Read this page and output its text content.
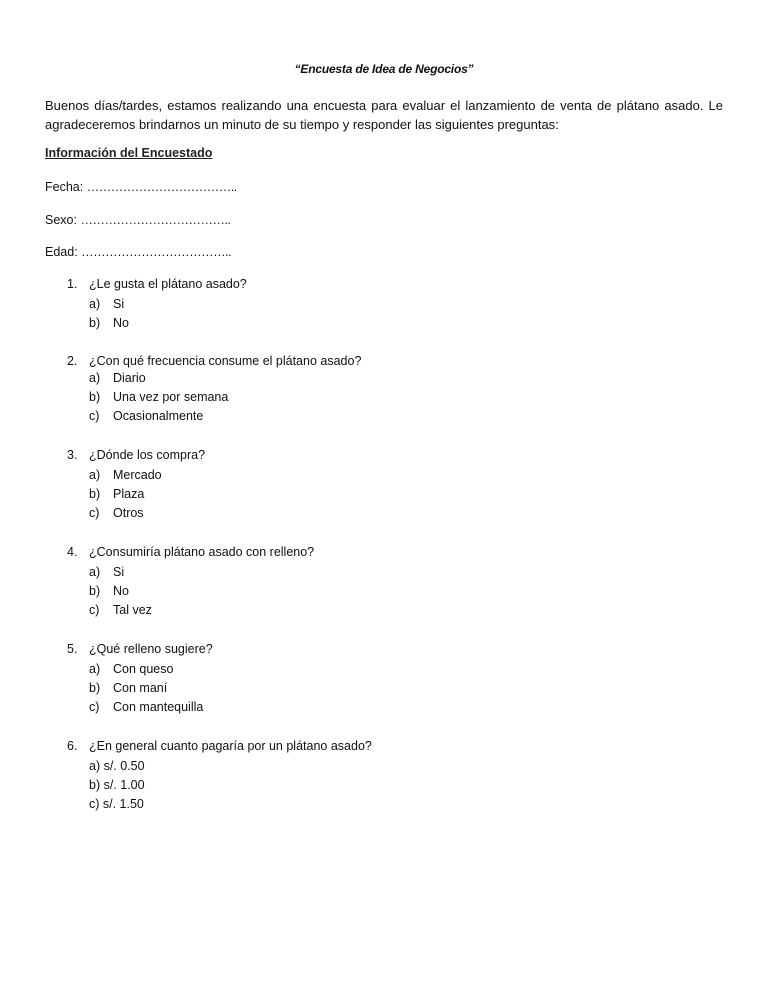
“Encuesta de Idea de Negocios”
Buenos días/tardes, estamos realizando una encuesta para evaluar el lanzamiento de venta de plátano asado. Le
agradeceremos brindarnos un minuto de su tiempo y responder las siguientes preguntas:
Información del Encuestado
Fecha: ………………………………..
Sexo: ………………………………..
Edad: ………………………………..
1. ¿Le gusta el plátano asado?
a) Si
b) No
2. ¿Con qué frecuencia consume el plátano asado?
a) Diario
b) Una vez por semana
c) Ocasionalmente
3. ¿Dónde los compra?
a) Mercado
b) Plaza
c) Otros
4. ¿Consumiría plátano asado con relleno?
a) Si
b) No
c) Tal vez
5. ¿Qué relleno sugiere?
a) Con queso
b) Con maní
c) Con mantequilla
6. ¿En general cuanto pagaría por un plátano asado?
a) s/. 0.50
b) s/. 1.00
c) s/. 1.50
